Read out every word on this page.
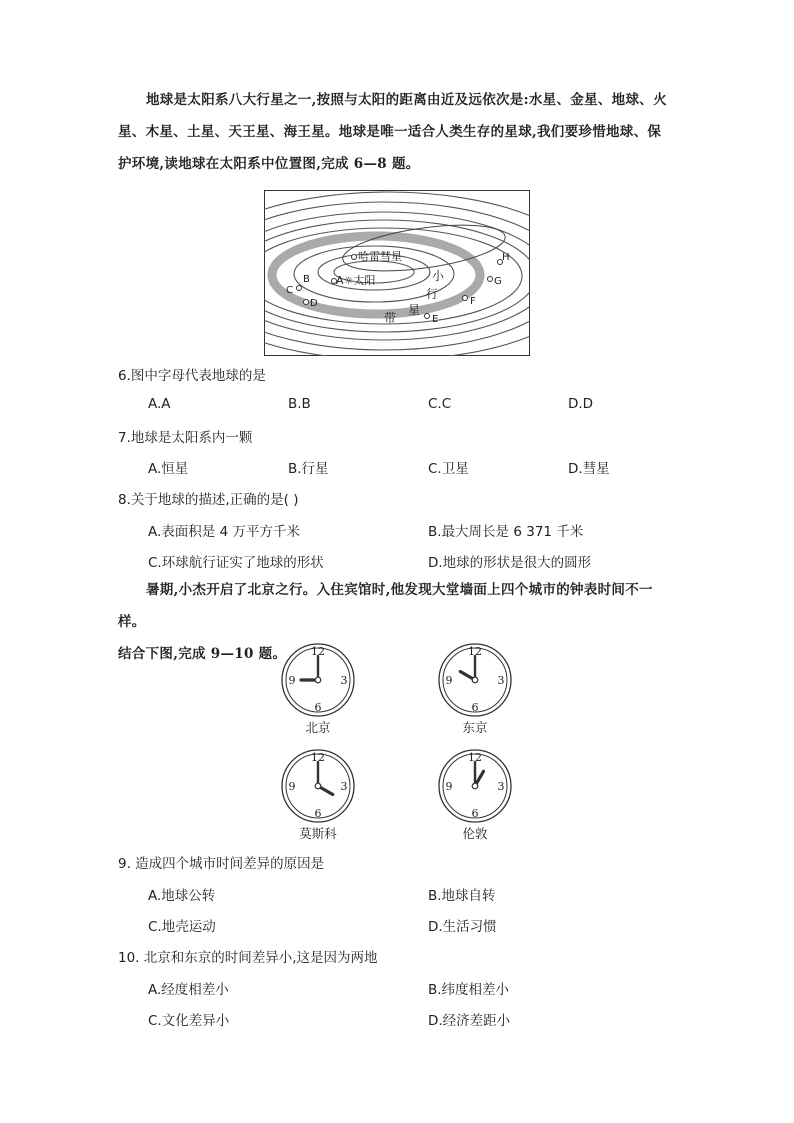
地球是太阳系八大行星之一,按照与太阳的距离由近及远依次是:水星、金星、地球、火
星、木星、土星、天王星、海王星。地球是唯一适合人类生存的星球,我们要珍惜地球、保
护环境,读地球在太阳系中位置图,完成 6—8 题。
哈雷彗星
A☼太阳	小
行
星
带
B
C
D
E
F
G
H

6.图中字母代表地球的是

A.A	B.B	C.C	D.D

7.地球是太阳系内一颗

A.恒星	B.行星	C.卫星	D.彗星

8.关于地球的描述,正确的是( )

A.表面积是 4 万平方千米	B.最大周长是 6 371 千米
C.环球航行证实了地球的形状	D.地球的形状是很大的圆形
暑期,小杰开启了北京之行。入住宾馆时,他发现大堂墙面上四个城市的钟表时间不一样。
结合下图,完成 9—10 题。	12
3
6
9
北京
12
3
6
9
东京
12
3
6
9
莫斯科
12
3
6
9
伦敦

9. 造成四个城市时间差异的原因是

A.地球公转	B.地球自转
C.地壳运动	D.生活习惯

10. 北京和东京的时间差异小,这是因为两地

A.经度相差小	B.纬度相差小
C.文化差异小	D.经济差距小
